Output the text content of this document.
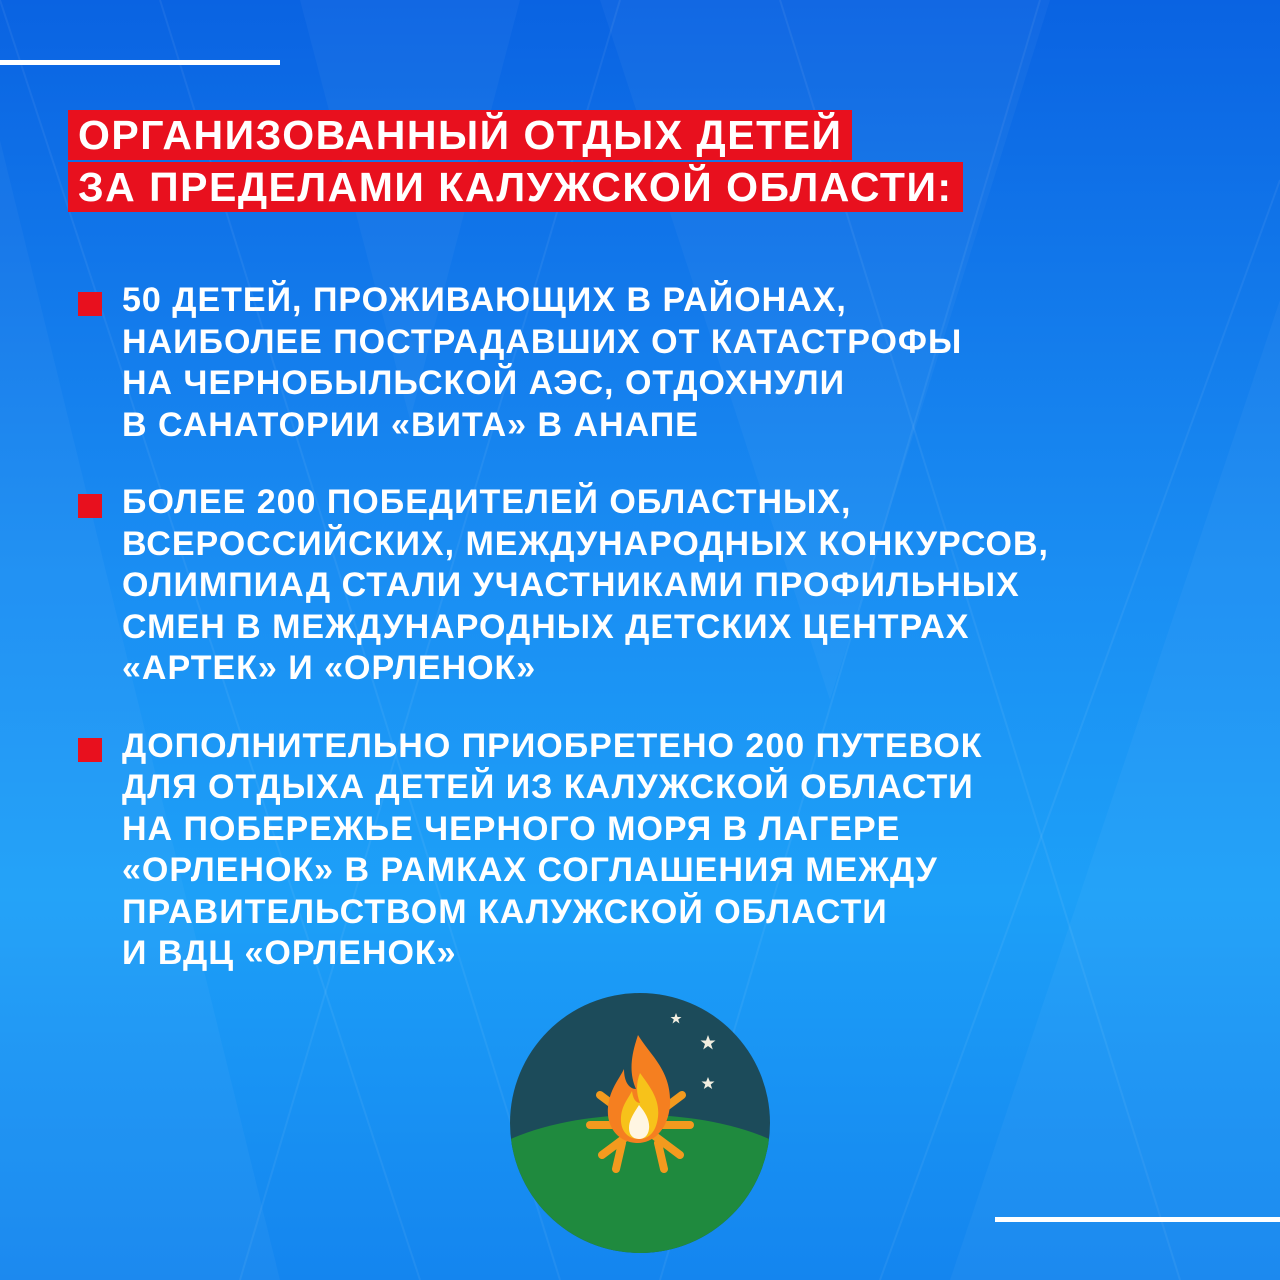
ОРГАНИЗОВАННЫЙ ОТДЫХ ДЕТЕЙ
ЗА ПРЕДЕЛАМИ КАЛУЖСКОЙ ОБЛАСТИ:
50 ДЕТЕЙ, ПРОЖИВАЮЩИХ В РАЙОНАХ,
НАИБОЛЕЕ ПОСТРАДАВШИХ ОТ КАТАСТРОФЫ
НА ЧЕРНОБЫЛЬСКОЙ АЭС, ОТДОХНУЛИ
В САНАТОРИИ «ВИТА» В АНАПЕ
БОЛЕЕ 200 ПОБЕДИТЕЛЕЙ ОБЛАСТНЫХ,
ВСЕРОССИЙСКИХ, МЕЖДУНАРОДНЫХ КОНКУРСОВ,
ОЛИМПИАД СТАЛИ УЧАСТНИКАМИ ПРОФИЛЬНЫХ
СМЕН В МЕЖДУНАРОДНЫХ ДЕТСКИХ ЦЕНТРАХ
«АРТЕК» И «ОРЛЕНОК»
ДОПОЛНИТЕЛЬНО ПРИОБРЕТЕНО 200 ПУТЕВОК
ДЛЯ ОТДЫХА ДЕТЕЙ ИЗ КАЛУЖСКОЙ ОБЛАСТИ
НА ПОБЕРЕЖЬЕ ЧЕРНОГО МОРЯ В ЛАГЕРЕ
«ОРЛЕНОК» В РАМКАХ СОГЛАШЕНИЯ МЕЖДУ
ПРАВИТЕЛЬСТВОМ КАЛУЖСКОЙ ОБЛАСТИ
И ВДЦ «ОРЛЕНОК»
